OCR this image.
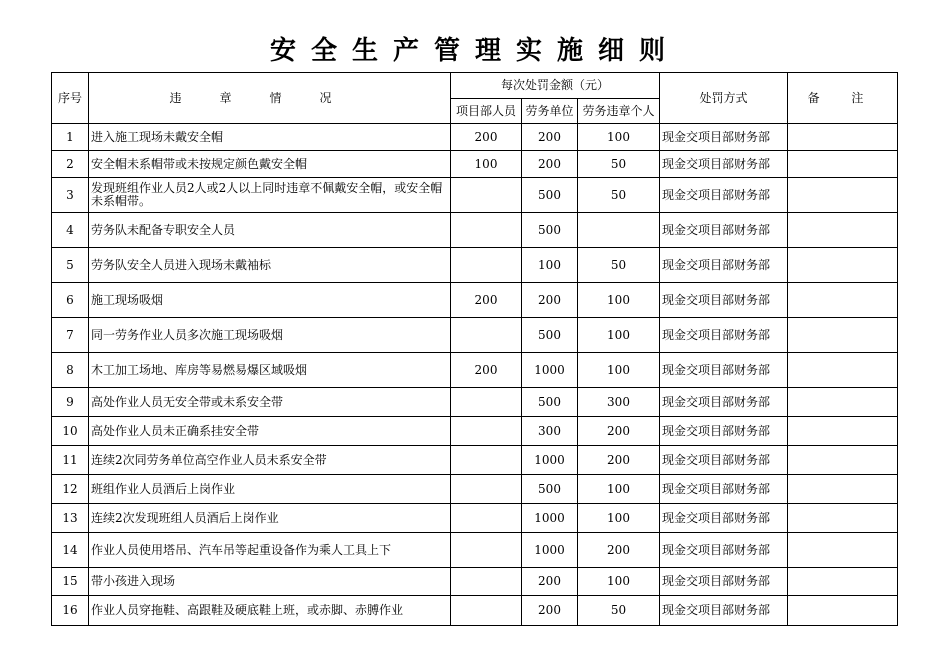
安全生产管理实施细则
序号	违章情况	每次处罚金额（元）			处罚方式	备 注
		项目部人员	劳务单位	劳务违章个人		
1	进入施工现场未戴安全帽	200	200	100	现金交项目部财务部	
2	安全帽未系帽带或未按规定颜色戴安全帽	100	200	50	现金交项目部财务部	
3	发现班组作业人员2人或2人以上同时违章不佩戴安全帽，或安全帽未系帽带。		500	50	现金交项目部财务部	
4	劳务队未配备专职安全人员		500		现金交项目部财务部	
5	劳务队安全人员进入现场未戴袖标		100	50	现金交项目部财务部	
6	施工现场吸烟	200	200	100	现金交项目部财务部	
7	同一劳务作业人员多次施工现场吸烟		500	100	现金交项目部财务部	
8	木工加工场地、库房等易燃易爆区域吸烟	200	1000	100	现金交项目部财务部	
9	高处作业人员无安全带或未系安全带		500	300	现金交项目部财务部	
10	高处作业人员未正确系挂安全带		300	200	现金交项目部财务部	
11	连续2次同劳务单位高空作业人员未系安全带		1000	200	现金交项目部财务部	
12	班组作业人员酒后上岗作业		500	100	现金交项目部财务部	
13	连续2次发现班组人员酒后上岗作业		1000	100	现金交项目部财务部	
14	作业人员使用塔吊、汽车吊等起重设备作为乘人工具上下		1000	200	现金交项目部财务部	
15	带小孩进入现场		200	100	现金交项目部财务部	
16	作业人员穿拖鞋、高跟鞋及硬底鞋上班，或赤脚、赤膊作业		200	50	现金交项目部财务部	
